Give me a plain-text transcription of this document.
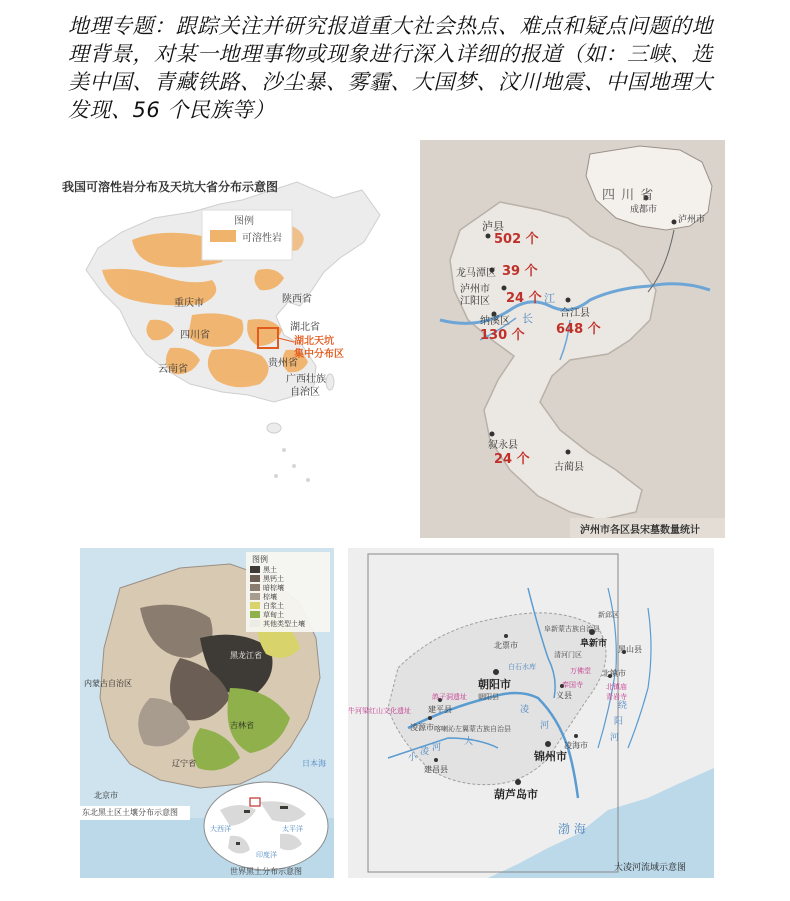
地理专题：跟踪关注并研究报道重大社会热点、难点和疑点问题的地理背景，对某一地理事物或现象进行深入详细的报道（如：三峡、选美中国、青藏铁路、沙尘暴、雾霾、大国梦、汶川地震、中国地理大发现、56 个民族等）
我国可溶性岩分布及天坑大省分布示意图
图例
可溶性岩
重庆市	陕西省
湖北省
四川省
贵州省
云南省
广西壮族
自治区
湖北天坑
集中分布区
四 川 省
成都市
泸州市
泸县
502 个
龙马潭区 39 个
泸州市
江阳区 24 个
纳溪区
130 个
合江县
648 个
叙永县
24 个
古蔺县
长
江
泸州市各区县宋墓数量统计
图例
黑土
黑钙土
暗棕壤
棕壤
白浆土
草甸土
其他类型土壤
黑龙江省
吉林省
辽宁省
内蒙古自治区
北京市
日本海
太平洋
大西洋
印度洋
东北黑土区土壤分布示意图
世界黑土分布示意图
朝阳市
锦州市
葫芦岛市
阜新市
北票市
凌源市
凌海市
义县
建平县
建昌县
北镇市
黑山县
阜新蒙古族自治县
喀喇沁左翼蒙古族自治县
清河门区
新邱区
朝阳县
牛河梁红山文化遗址
鸽子洞遗址
万佛堂
奉国寺	北镇庙
青岩寺
白石水库
渤 海
大
凌
河
小
凌 河
绕
阳
河
大凌河流域示意图
